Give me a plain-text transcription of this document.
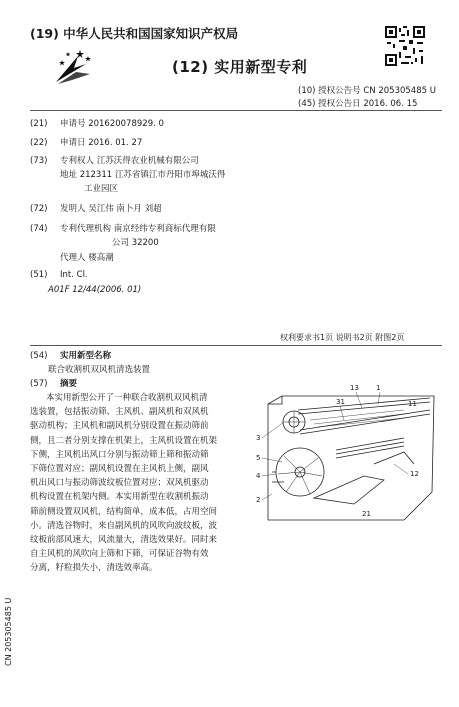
(19) 中华人民共和国国家知识产权局
(12) 实用新型专利
(10) 授权公告号 CN 205305485 U
(45) 授权公告日 2016. 06. 15
(21) 申请号 201620078929. 0
(22) 申请日 2016. 01. 27
(73) 专利权人 江苏沃得农业机械有限公司
地址 212311 江苏省镇江市丹阳市埠城沃得
工业园区
(72) 发明人 吴江伟 南卜月 刘超
(74) 专利代理机构 南京经纬专利商标代理有限
公司 32200
代理人 楼高潮
(51) Int. Cl.
A01F 12/44(2006. 01)
权利要求书1页 说明书2页 附图2页
(54) 实用新型名称
联合收割机双风机清选装置
(57) 摘要
本实用新型公开了一种联合收割机双风机清
选装置，包括振动筛、主风机、副风机和双风机
驱动机构；主风机和副风机分别设置在振动筛前
侧，且二者分别支撑在机架上，主风机设置在机架
下侧，主风机出风口分别与振动筛上筛和振动筛
下筛位置对应；副风机设置在主风机上侧，副风
机出风口与振动筛波纹板位置对应；双风机驱动
机构设置在机架内侧。本实用新型在收割机振动
筛前侧设置双风机，结构简单，成本低，占用空间
小。清选谷物时，来自副风机的风吹向波纹板，波
纹板前部风速大，风流量大，清选效果好。同时来
自主风机的风吹向上筛和下筛，可保证谷物有效
分离，籽粒损失小，清选效率高。
13 1
31	11
3
5
4	12
2
21
CN 205305485 U
